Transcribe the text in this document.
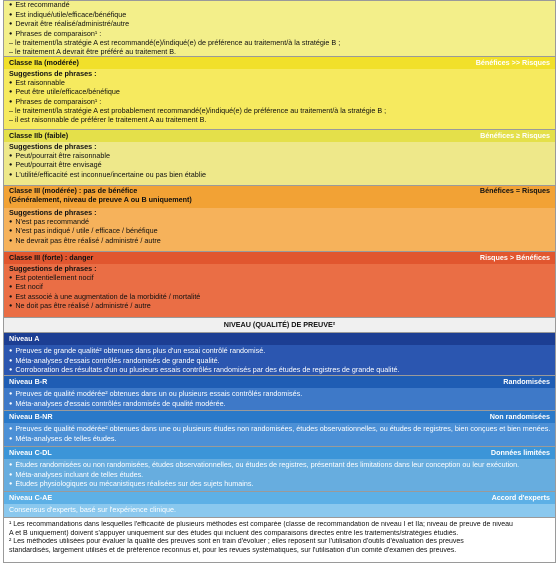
● Est recommandé
● Est indiqué/utile/efficace/bénéfique
● Devrait être réalisé/administré/autre
● Phrases de comparaison¹ :
– le traitement/la stratégie A est recommandé(e)/indiqué(e) de préférence au traitement/à la stratégie B ;
– le traitement A devrait être préféré au traitement B.
Classe IIa (modérée)	Bénéfices >> Risques
Suggestions de phrases :
● Est raisonnable
● Peut être utile/efficace/bénéfique
● Phrases de comparaison¹ :
– le traitement/la stratégie A est probablement recommandé(e)/indiqué(e) de préférence au traitement/à la stratégie B ;
– il est raisonnable de préférer le traitement A au traitement B.
Classe IIb (faible)	Bénéfices ≥ Risques
Suggestions de phrases :
● Peut/pourrait être raisonnable
● Peut/pourrait être envisagé
● L'utilité/efficacité est inconnue/incertaine ou pas bien établie
Classe III (modérée) : pas de bénéfice
(Généralement, niveau de preuve A ou B uniquement)
Bénéfices = Risques
Suggestions de phrases :
● N'est pas recommandé
● N'est pas indiqué / utile / efficace / bénéfique
● Ne devrait pas être réalisé / administré / autre
Classe III (forte) : danger	Risques > Bénéfices
Suggestions de phrases :
● Est potentiellement nocif
● Est nocif
● Est associé à une augmentation de la morbidité / mortalité
● Ne doit pas être réalisé / administré / autre
NIVEAU (QUALITÉ) DE PREUVE²
Niveau A
● Preuves de grande qualité² obtenues dans plus d'un essai contrôlé randomisé.
● Méta-analyses d'essais contrôlés randomisés de grande qualité.
● Corroboration des résultats d'un ou plusieurs essais contrôlés randomisés par des études de registres de grande qualité.
Niveau B-R	Randomisées
● Preuves de qualité modérée² obtenues dans un ou plusieurs essais contrôlés randomisés.
● Méta-analyses d'essais contrôlés randomisés de qualité modérée.
Niveau B-NR	Non randomisées
● Preuves de qualité modérée² obtenues dans une ou plusieurs études non randomisées, études observationnelles, ou études de registres, bien conçues et bien menées.
● Méta-analyses de telles études.
Niveau C-DL	Données limitées
● Études randomisées ou non randomisées, études observationnelles, ou études de registres, présentant des limitations dans leur conception ou leur exécution.
● Méta-analyses incluant de telles études.
● Études physiologiques ou mécanistiques réalisées sur des sujets humains.
Niveau C-AE	Accord d'experts
Consensus d'experts, basé sur l'expérience clinique.
¹ Les recommandations dans lesquelles l'efficacité de plusieurs méthodes est comparée (classe de recommandation de niveau I et IIa; niveau de preuve de niveau
A et B uniquement) doivent s'appuyer uniquement sur des études qui incluent des comparaisons directes entre les traitements/stratégies étudiés.
² Les méthodes utilisées pour évaluer la qualité des preuves sont en train d'évoluer ; elles reposent sur l'utilisation d'outils d'évaluation des preuves
standardisés, largement utilisés et de préférence reconnus et, pour les revues systématiques, sur l'utilisation d'un comité d'examen des preuves.
